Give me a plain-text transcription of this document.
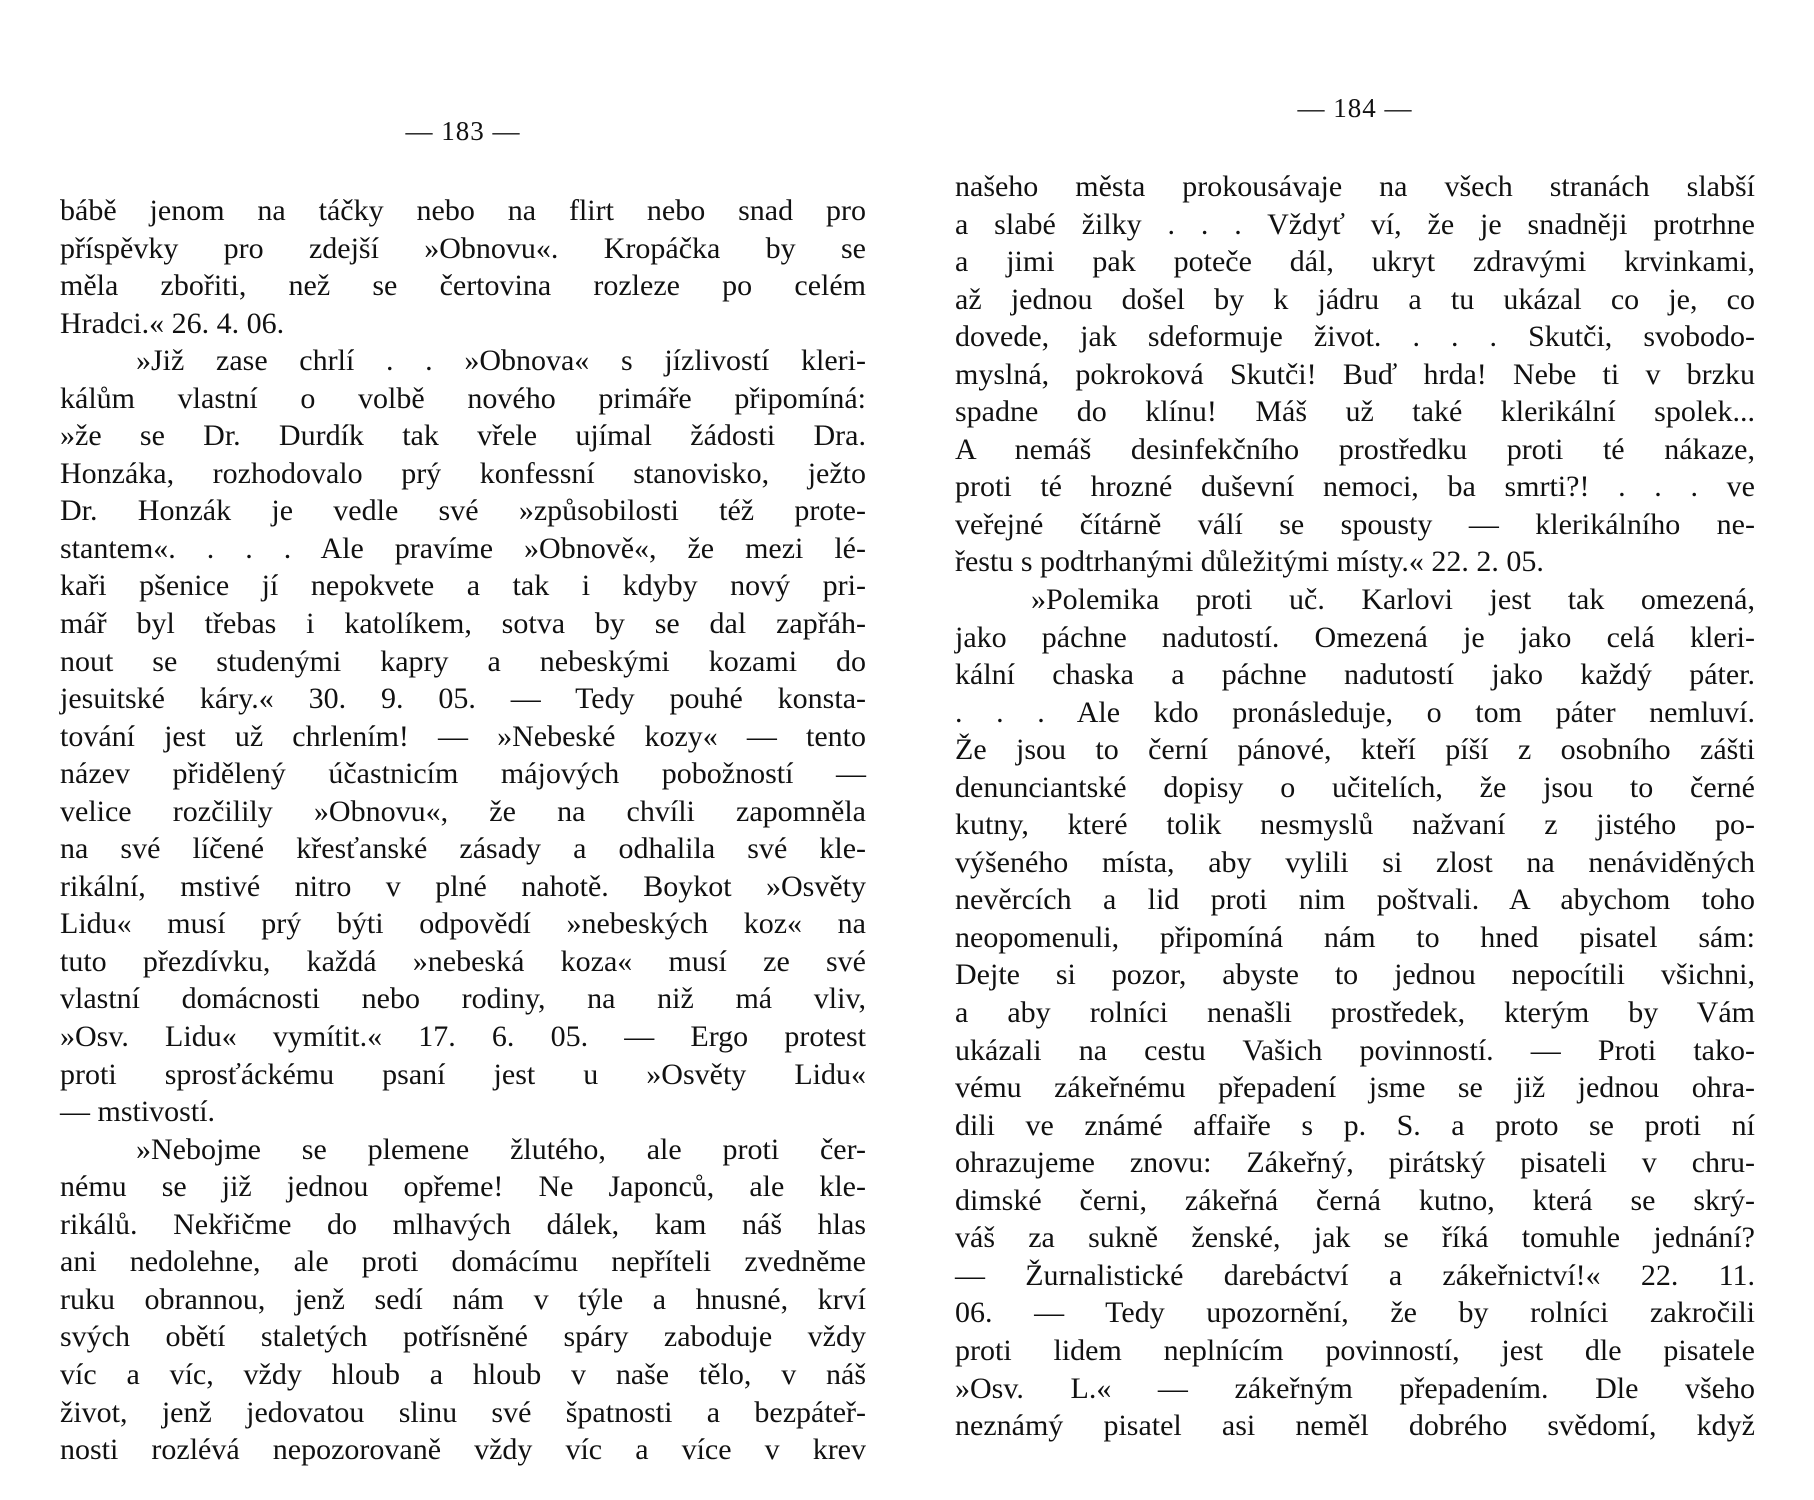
— 183 —
bábě jenom na táčky nebo na flirt nebo snad pro
příspěvky pro zdejší »Obnovu«. Kropáčka by se
měla zbořiti, než se čertovina rozleze po celém
Hradci.« 26. 4. 06.
»Již zase chrlí . . »Obnova« s jízlivostí kleri-
kálům vlastní o volbě nového primáře připomíná:
»že se Dr. Durdík tak vřele ujímal žádosti Dra.
Honzáka, rozhodovalo prý konfessní stanovisko, ježto
Dr. Honzák je vedle své »způsobilosti též prote-
stantem«. . . . Ale pravíme »Obnově«, že mezi lé-
kaři pšenice jí nepokvete a tak i kdyby nový pri-
mář byl třebas i katolíkem, sotva by se dal zapřáh-
nout se studenými kapry a nebeskými kozami do
jesuitské káry.« 30. 9. 05. — Tedy pouhé konsta-
tování jest už chrlením! — »Nebeské kozy« — tento
název přidělený účastnicím májových pobožností —
velice rozčilily »Obnovu«, že na chvíli zapomněla
na své líčené křesťanské zásady a odhalila své kle-
rikální, mstivé nitro v plné nahotě. Boykot »Osvěty
Lidu« musí prý býti odpovědí »nebeských koz« na
tuto přezdívku, každá »nebeská koza« musí ze své
vlastní domácnosti nebo rodiny, na niž má vliv,
»Osv. Lidu« vymítit.« 17. 6. 05. — Ergo protest
proti sprosťáckému psaní jest u »Osvěty Lidu«
— mstivostí.
»Nebojme se plemene žlutého, ale proti čer-
nému se již jednou opřeme! Ne Japonců, ale kle-
rikálů. Nekřičme do mlhavých dálek, kam náš hlas
ani nedolehne, ale proti domácímu nepříteli zvedněme
ruku obrannou, jenž sedí nám v týle a hnusné, krví
svých obětí staletých potřísněné spáry zaboduje vždy
víc a víc, vždy hloub a hloub v naše tělo, v náš
život, jenž jedovatou slinu své špatnosti a bezpáteř-
nosti rozlévá nepozorovaně vždy víc a více v krev
— 184 —
našeho města prokousávaje na všech stranách slabší
a slabé žilky . . . Vždyť ví, že je snadněji protrhne
a jimi pak poteče dál, ukryt zdravými krvinkami,
až jednou došel by k jádru a tu ukázal co je, co
dovede, jak sdeformuje život. . . . Skutči, svobodo-
myslná, pokroková Skutči! Buď hrda! Nebe ti v brzku
spadne do klínu! Máš už také klerikální spolek...
A nemáš desinfekčního prostředku proti té nákaze,
proti té hrozné duševní nemoci, ba smrti?! . . . ve
veřejné čítárně válí se spousty — klerikálního ne-
řestu s podtrhanými důležitými místy.« 22. 2. 05.
»Polemika proti uč. Karlovi jest tak omezená,
jako páchne nadutostí. Omezená je jako celá kleri-
kální chaska a páchne nadutostí jako každý páter.
. . . Ale kdo pronásleduje, o tom páter nemluví.
Že jsou to černí pánové, kteří píší z osobního zášti
denunciantské dopisy o učitelích, že jsou to černé
kutny, které tolik nesmyslů nažvaní z jistého po-
výšeného místa, aby vylili si zlost na nenáviděných
nevěrcích a lid proti nim poštvali. A abychom toho
neopomenuli, připomíná nám to hned pisatel sám:
Dejte si pozor, abyste to jednou nepocítili všichni,
a aby rolníci nenašli prostředek, kterým by Vám
ukázali na cestu Vašich povinností. — Proti tako-
vému zákeřnému přepadení jsme se již jednou ohra-
dili ve známé affaiře s p. S. a proto se proti ní
ohrazujeme znovu: Zákeřný, pirátský pisateli v chru-
dimské černi, zákeřná černá kutno, která se skrý-
váš za sukně ženské, jak se říká tomuhle jednání?
— Žurnalistické darebáctví a zákeřnictví!« 22. 11.
06. — Tedy upozornění, že by rolníci zakročili
proti lidem neplnícím povinností, jest dle pisatele
»Osv. L.« — zákeřným přepadením. Dle všeho
neznámý pisatel asi neměl dobrého svědomí, když
